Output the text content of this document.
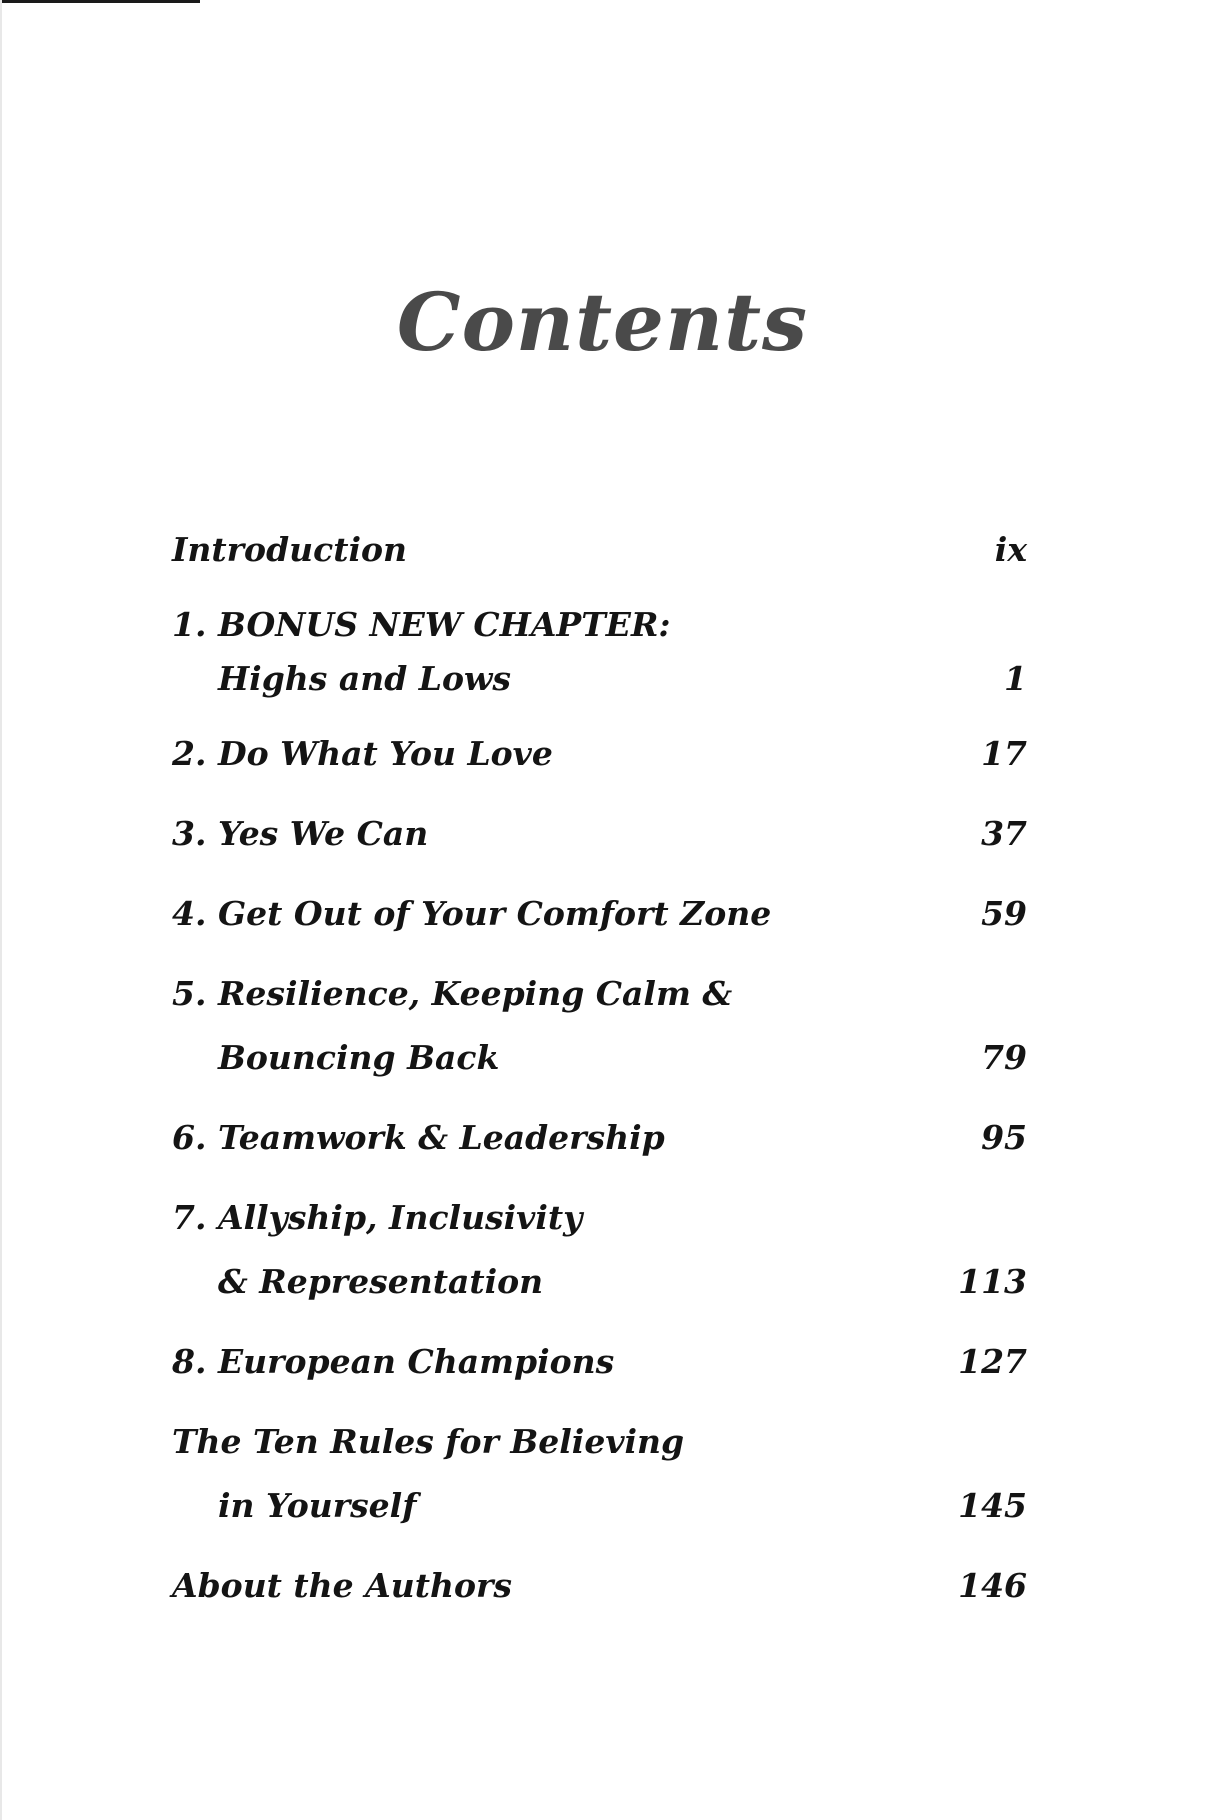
Contents
Introduction	ix
1. BONUS NEW CHAPTER:
Highs and Lows	1
2. Do What You Love	17
3. Yes We Can	37
4. Get Out of Your Comfort Zone	59
5. Resilience, Keeping Calm &
Bouncing Back	79
6. Teamwork & Leadership	95
7. Allyship, Inclusivity
& Representation	113
8. European Champions	127
The Ten Rules for Believing
in Yourself	145
About the Authors	146
